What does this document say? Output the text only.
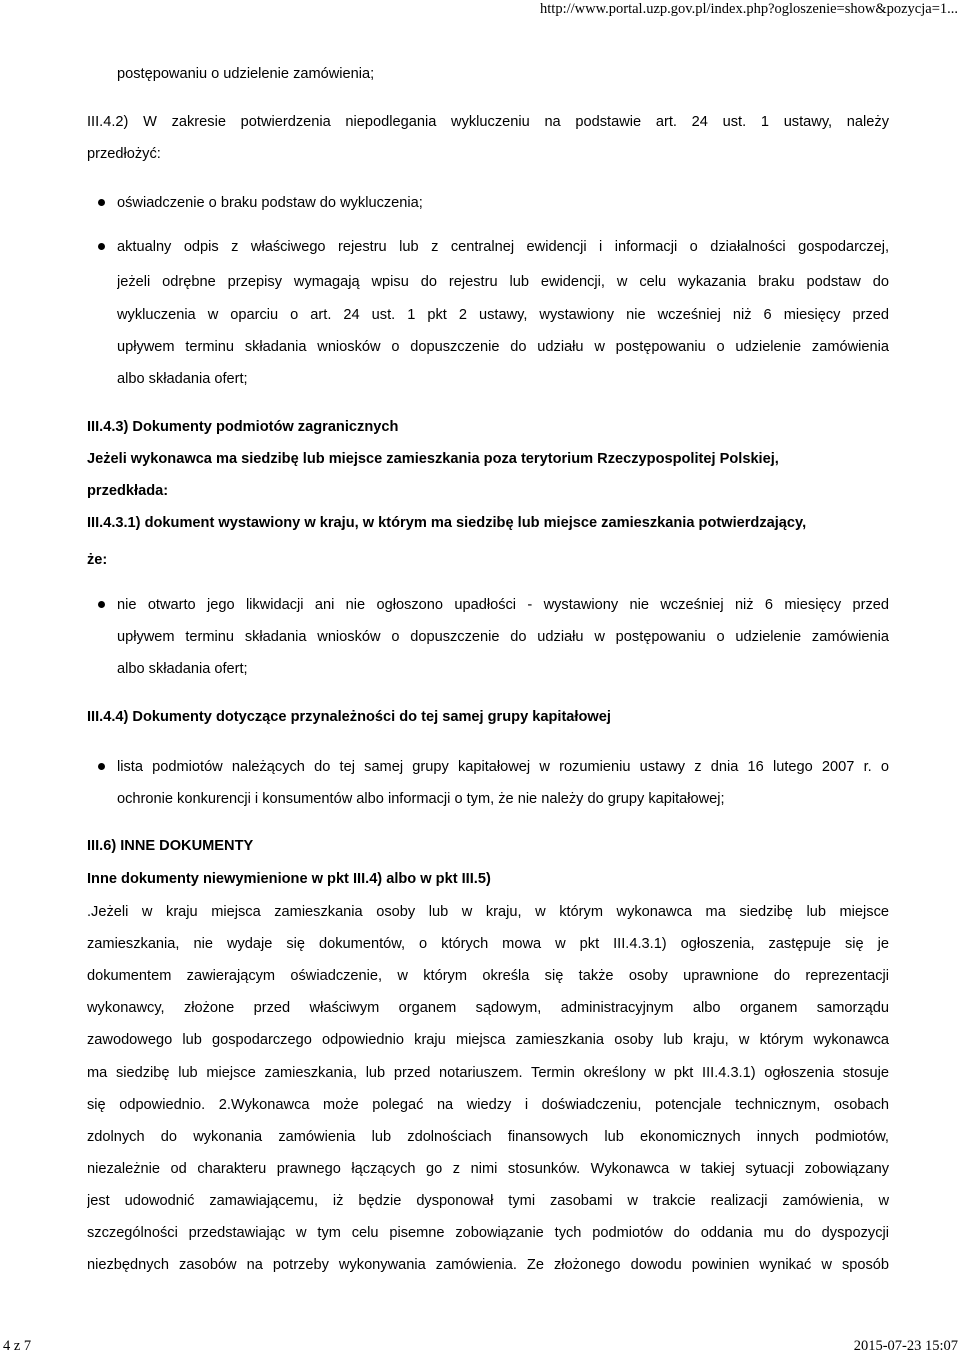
http://www.portal.uzp.gov.pl/index.php?ogloszenie=show&pozycja=1...
postępowaniu o udzielenie zamówienia;
III.4.2) W zakresie potwierdzenia niepodlegania wykluczeniu na podstawie art. 24 ust. 1 ustawy, należy
przedłożyć:
oświadczenie o braku podstaw do wykluczenia;
aktualny odpis z właściwego rejestru lub z centralnej ewidencji i informacji o działalności gospodarczej,
jeżeli odrębne przepisy wymagają wpisu do rejestru lub ewidencji, w celu wykazania braku podstaw do
wykluczenia w oparciu o art. 24 ust. 1 pkt 2 ustawy, wystawiony nie wcześniej niż 6 miesięcy przed
upływem terminu składania wniosków o dopuszczenie do udziału w postępowaniu o udzielenie zamówienia
albo składania ofert;
III.4.3) Dokumenty podmiotów zagranicznych
Jeżeli wykonawca ma siedzibę lub miejsce zamieszkania poza terytorium Rzeczypospolitej Polskiej,
przedkłada:
III.4.3.1) dokument wystawiony w kraju, w którym ma siedzibę lub miejsce zamieszkania potwierdzający,
że:
nie otwarto jego likwidacji ani nie ogłoszono upadłości - wystawiony nie wcześniej niż 6 miesięcy przed
upływem terminu składania wniosków o dopuszczenie do udziału w postępowaniu o udzielenie zamówienia
albo składania ofert;
III.4.4) Dokumenty dotyczące przynależności do tej samej grupy kapitałowej
lista podmiotów należących do tej samej grupy kapitałowej w rozumieniu ustawy z dnia 16 lutego 2007 r. o
ochronie konkurencji i konsumentów albo informacji o tym, że nie należy do grupy kapitałowej;
III.6) INNE DOKUMENTY
Inne dokumenty niewymienione w pkt III.4) albo w pkt III.5)
.Jeżeli w kraju miejsca zamieszkania osoby lub w kraju, w którym wykonawca ma siedzibę lub miejsce
zamieszkania, nie wydaje się dokumentów, o których mowa w pkt III.4.3.1) ogłoszenia, zastępuje się je
dokumentem zawierającym oświadczenie, w którym określa się także osoby uprawnione do reprezentacji
wykonawcy, złożone przed właściwym organem sądowym, administracyjnym albo organem samorządu
zawodowego lub gospodarczego odpowiednio kraju miejsca zamieszkania osoby lub kraju, w którym wykonawca
ma siedzibę lub miejsce zamieszkania, lub przed notariuszem. Termin określony w pkt III.4.3.1) ogłoszenia stosuje
się odpowiednio. 2.Wykonawca może polegać na wiedzy i doświadczeniu, potencjale technicznym, osobach
zdolnych do wykonania zamówienia lub zdolnościach finansowych lub ekonomicznych innych podmiotów,
niezależnie od charakteru prawnego łączących go z nimi stosunków. Wykonawca w takiej sytuacji zobowiązany
jest udowodnić zamawiającemu, iż będzie dysponował tymi zasobami w trakcie realizacji zamówienia, w
szczególności przedstawiając w tym celu pisemne zobowiązanie tych podmiotów do oddania mu do dyspozycji
niezbędnych zasobów na potrzeby wykonywania zamówienia. Ze złożonego dowodu powinien wynikać w sposób
4 z 7	2015-07-23 15:07
